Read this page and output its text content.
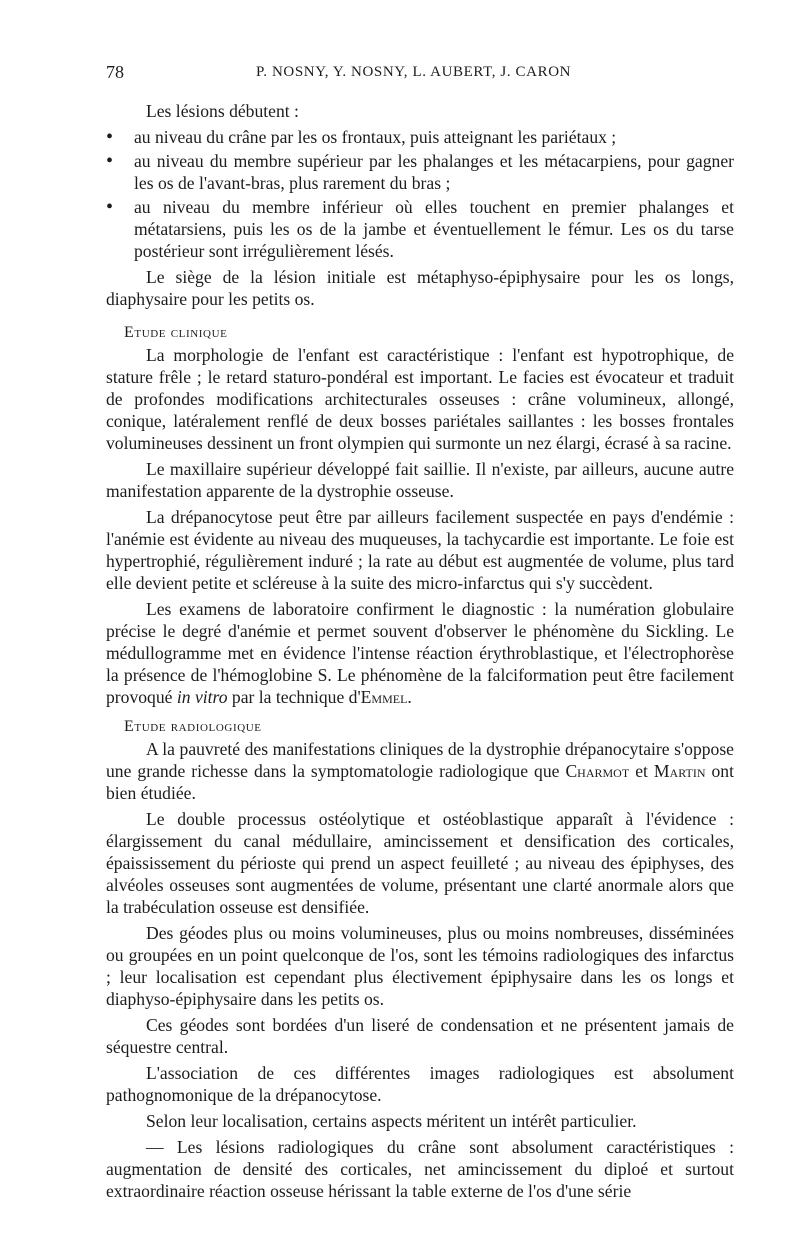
78	P. NOSNY, Y. NOSNY, L. AUBERT, J. CARON

Les lésions débutent :

• au niveau du crâne par les os frontaux, puis atteignant les pariétaux ;
• au niveau du membre supérieur par les phalanges et les métacarpiens, pour gagner les os de l'avant-bras, plus rarement du bras ;
• au niveau du membre inférieur où elles touchent en premier phalanges et métatarsiens, puis les os de la jambe et éventuellement le fémur. Les os du tarse postérieur sont irrégulièrement lésés.

Le siège de la lésion initiale est métaphyso-épiphysaire pour les os longs, diaphysaire pour les petits os.

Etude clinique

La morphologie de l'enfant est caractéristique : l'enfant est hypotrophique, de stature frêle ; le retard staturo-pondéral est important. Le facies est évocateur et traduit de profondes modifications architecturales osseuses : crâne volumineux, allongé, conique, latéralement renflé de deux bosses pariétales saillantes : les bosses frontales volumineuses dessinent un front olympien qui surmonte un nez élargi, écrasé à sa racine.

Le maxillaire supérieur développé fait saillie. Il n'existe, par ailleurs, aucune autre manifestation apparente de la dystrophie osseuse.

La drépanocytose peut être par ailleurs facilement suspectée en pays d'endémie : l'anémie est évidente au niveau des muqueuses, la tachycardie est importante. Le foie est hypertrophié, régulièrement induré ; la rate au début est augmentée de volume, plus tard elle devient petite et scléreuse à la suite des micro-infarctus qui s'y succèdent.

Les examens de laboratoire confirment le diagnostic : la numération globulaire précise le degré d'anémie et permet souvent d'observer le phénomène du Sickling. Le médullogramme met en évidence l'intense réaction érythroblastique, et l'électrophorèse la présence de l'hémoglobine S. Le phénomène de la falciformation peut être facilement provoqué in vitro par la technique d'Emmel.

Etude radiologique

A la pauvreté des manifestations cliniques de la dystrophie drépanocytaire s'oppose une grande richesse dans la symptomatologie radiologique que Charmot et Martin ont bien étudiée.

Le double processus ostéolytique et ostéoblastique apparaît à l'évidence : élargissement du canal médullaire, amincissement et densification des corticales, épaississement du périoste qui prend un aspect feuilleté ; au niveau des épiphyses, des alvéoles osseuses sont augmentées de volume, présentant une clarté anormale alors que la trabéculation osseuse est densifiée.

Des géodes plus ou moins volumineuses, plus ou moins nombreuses, disséminées ou groupées en un point quelconque de l'os, sont les témoins radiologiques des infarctus ; leur localisation est cependant plus électivement épiphysaire dans les os longs et diaphyso-épiphysaire dans les petits os.

Ces géodes sont bordées d'un liseré de condensation et ne présentent jamais de séquestre central.

L'association de ces différentes images radiologiques est absolument pathognomonique de la drépanocytose.

Selon leur localisation, certains aspects méritent un intérêt particulier.

— Les lésions radiologiques du crâne sont absolument caractéristiques : augmentation de densité des corticales, net amincissement du diploé et surtout extraordinaire réaction osseuse hérissant la table externe de l'os d'une série
